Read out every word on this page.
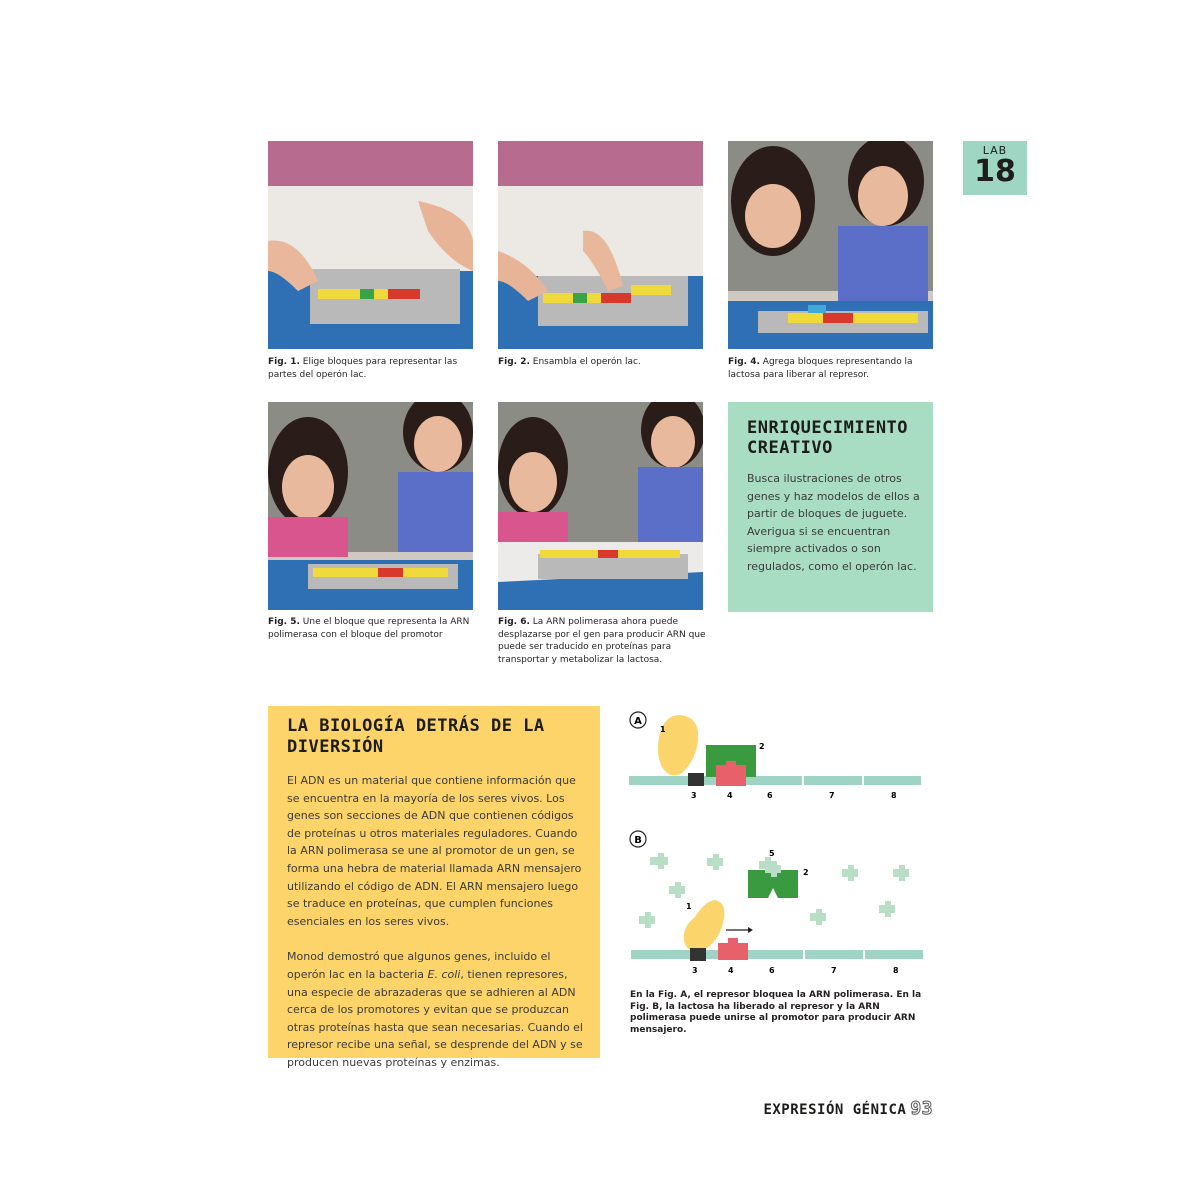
LAB
18
Fig. 1. Elige bloques para representar las partes del operón lac.
Fig. 2. Ensambla el operón lac.	Fig. 4. Agrega bloques representando la lactosa para liberar al represor.
Fig. 5. Une el bloque que representa la ARN polimerasa con el bloque del promotor
Fig. 6. La ARN polimerasa ahora puede desplazarse por el gen para producir ARN que puede ser traducido en proteínas para transportar y metabolizar la lactosa.
ENRIQUECIMIENTO CREATIVO

Busca ilustraciones de otros genes y haz modelos de ellos a partir de bloques de juguete. Averigua si se encuentran siempre activados o son regulados, como el operón lac.

LA BIOLOGÍA DETRÁS DE LA DIVERSIÓN

El ADN es un material que contiene información que se encuentra en la mayoría de los seres vivos. Los genes son secciones de ADN que contienen códigos de proteínas u otros materiales reguladores. Cuando la ARN polimerasa se une al promotor de un gen, se forma una hebra de material llamada ARN mensajero utilizando el código de ADN. El ARN mensajero luego se traduce en proteínas, que cumplen funciones esenciales en los seres vivos.

Monod demostró que algunos genes, incluido el operón lac en la bacteria E. coli, tienen represores, una especie de abrazaderas que se adhieren al ADN cerca de los promotores y evitan que se produzcan otras proteínas hasta que sean necesarias. Cuando el represor recibe una señal, se desprende del ADN y se producen nuevas proteínas y enzimas.

A
1
2
3	4	6	7	8
B
5
2
1
3	4	6	7	8
En la Fig. A, el represor bloquea la ARN polimerasa. En la Fig. B, la lactosa ha liberado al represor y la ARN polimerasa puede unirse al promotor para producir ARN mensajero.
EXPRESIÓN GÉNICA 93
